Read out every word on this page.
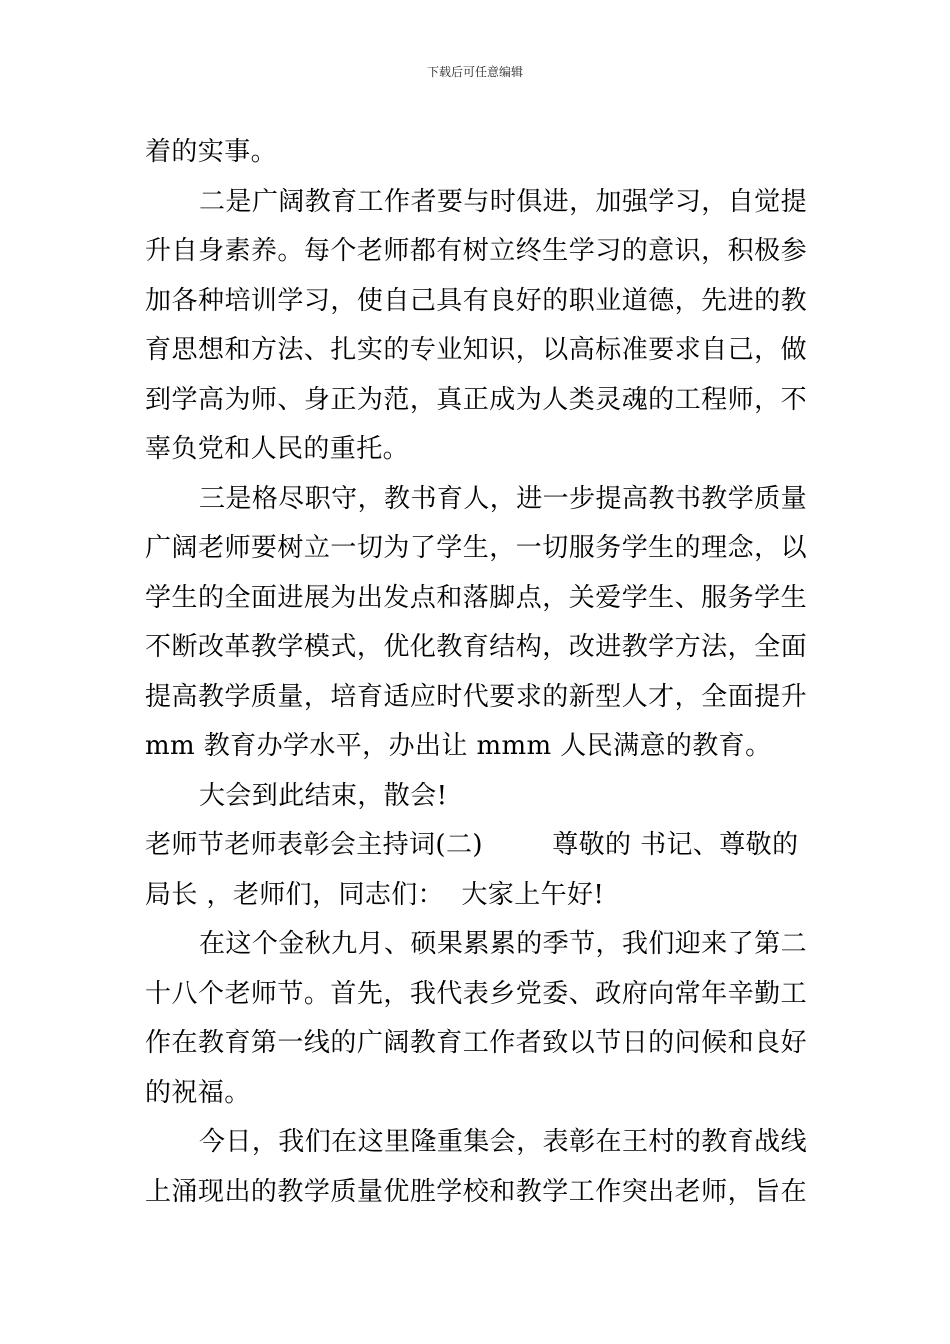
下载后可任意编辑
着的实事。
二是广阔教育工作者要与时俱进，加强学习，自觉提
升自身素养。每个老师都有树立终生学习的意识，积极参
加各种培训学习，使自己具有良好的职业道德，先进的教
育思想和方法、扎实的专业知识，以高标准要求自己，做
到学高为师、身正为范，真正成为人类灵魂的工程师，不
辜负党和人民的重托。
三是格尽职守，教书育人，进一步提高教书教学质量
广阔老师要树立一切为了学生，一切服务学生的理念，以
学生的全面进展为出发点和落脚点，关爱学生、服务学生
不断改革教学模式，优化教育结构，改进教学方法，全面
提高教学质量，培育适应时代要求的新型人才，全面提升
mm 教育办学水平，办出让 mmm 人民满意的教育。
大会到此结束，散会!
老师节老师表彰会主持词(二)        尊敬的 书记、尊敬的
局长 ，老师们，同志们：  大家上午好!
在这个金秋九月、硕果累累的季节，我们迎来了第二
十八个老师节。首先，我代表乡党委、政府向常年辛勤工
作在教育第一线的广阔教育工作者致以节日的问候和良好
的祝福。
今日，我们在这里隆重集会，表彰在王村的教育战线
上涌现出的教学质量优胜学校和教学工作突出老师，旨在
